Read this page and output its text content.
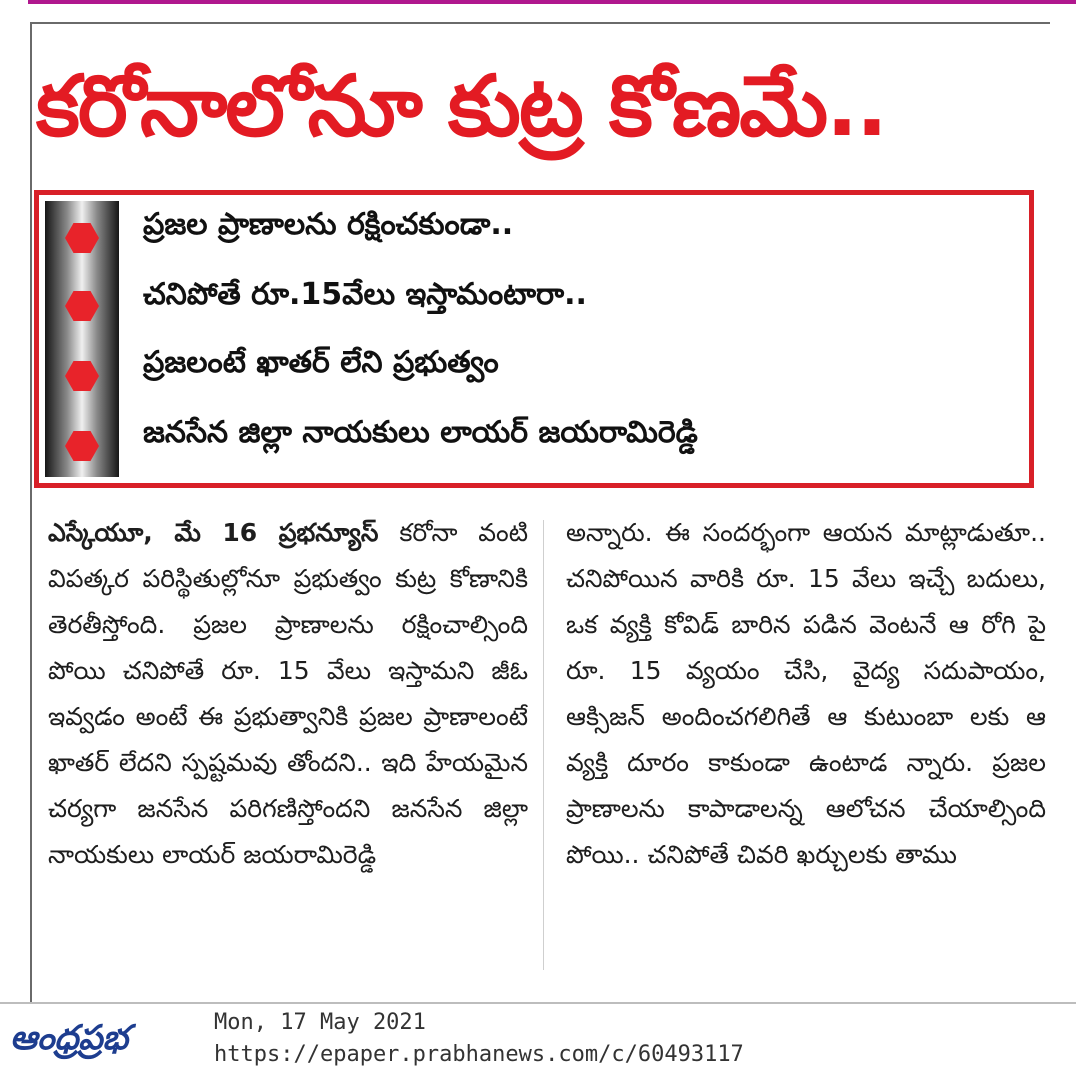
కరోనాలోనూ కుట్ర కోణమే..

ప్రజల ప్రాణాలను రక్షించకుండా..

చనిపోతే రూ.15వేలు ఇస్తామంటారా..

ప్రజలంటే ఖాతర్ లేని ప్రభుత్వం

జనసేన జిల్లా నాయకులు లాయర్ జయరామిరెడ్డి

ఎస్కేయూ, మే 16 ప్రభన్యూస్ కరోనా వంటి విపత్కర పరిస్థితుల్లోనూ ప్రభుత్వం కుట్ర కోణానికి తెరతీస్తోంది. ప్రజల ప్రాణాలను రక్షించాల్సింది పోయి చనిపోతే రూ. 15 వేలు ఇస్తామని జీఓ ఇవ్వడం అంటే ఈ ప్రభుత్వానికి ప్రజల ప్రాణాలంటే ఖాతర్ లేదని స్పష్టమవు తోందని.. ఇది హేయమైన చర్యగా జనసేన పరిగణిస్తోందని జనసేన జిల్లా నాయకులు లాయర్ జయరామిరెడ్డి
అన్నారు. ఈ సందర్భంగా ఆయన మాట్లాడుతూ.. చనిపోయిన వారికి రూ. 15 వేలు ఇచ్చే బదులు, ఒక వ్యక్తి కోవిడ్ బారిన పడిన వెంటనే ఆ రోగి పై రూ. 15 వ్యయం చేసి, వైద్య సదుపాయం, ఆక్సిజన్ అందించగలిగితే ఆ కుటుంబా లకు ఆ వ్యక్తి దూరం కాకుండా ఉంటాడ న్నారు. ప్రజల ప్రాణాలను కాపాడాలన్న ఆలోచన చేయాల్సింది పోయి.. చనిపోతే చివరి ఖర్చులకు తాము

ఆంధ్రప్రభ	Mon, 17 May 2021

https://epaper.prabhanews.com/c/60493117
